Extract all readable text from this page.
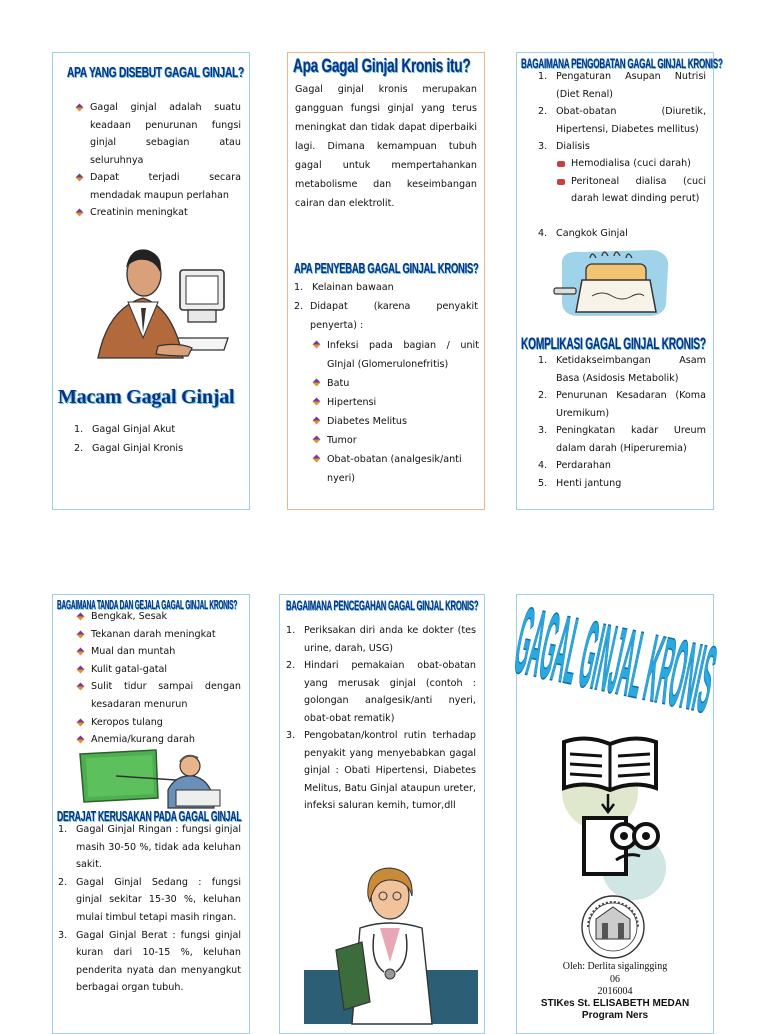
APA YANG DISEBUT GAGAL GINJAL?
Gagal ginjal adalah suatu keadaan penurunan fungsi ginjal sebagian atau seluruhnya
Dapat terjadi secara mendadak maupun perlahan
Creatinin meningkat
Macam Gagal Ginjal
1. Gagal Ginjal Akut
2. Gagal Ginjal Kronis
Apa Gagal Ginjal Kronis itu?

Gagal ginjal kronis merupakan gangguan fungsi ginjal yang terus meningkat dan tidak dapat diperbaiki lagi. Dimana kemampuan tubuh gagal untuk mempertahankan metabolisme dan keseimbangan cairan dan elektrolit.

APA PENYEBAB GAGAL GINJAL KRONIS?
1. Kelainan bawaan
2. Didapat (karena penyakit penyerta) :
Infeksi pada bagian / unit GInjal (Glomerulonefritis)
Batu
Hipertensi
Diabetes Melitus
Tumor
Obat-obatan (analgesik/anti nyeri)
BAGAIMANA PENGOBATAN GAGAL GINJAL KRONIS?
1. Pengaturan Asupan Nutrisi (Diet Renal)
2. Obat-obatan (Diuretik, Hipertensi, Diabetes mellitus)
3. Dialisis
Hemodialisa (cuci darah)
Peritoneal dialisa (cuci darah lewat dinding perut)
4. Cangkok Ginjal
KOMPLIKASI GAGAL GINJAL KRONIS?
1. Ketidakseimbangan Asam Basa (Asidosis Metabolik)
2. Penurunan Kesadaran (Koma Uremikum)
3. Peningkatan kadar Ureum dalam darah (Hiperuremia)
4. Perdarahan
5. Henti jantung
BAGAIMANA TANDA DAN GEJALA GAGAL GINJAL KRONIS?
Bengkak, Sesak
Tekanan darah meningkat
Mual dan muntah
Kulit gatal-gatal
Sulit tidur sampai dengan kesadaran menurun
Keropos tulang
Anemia/kurang darah
DERAJAT KERUSAKAN PADA GAGAL GINJAL
1. Gagal Ginjal Ringan : fungsi ginjal masih 30-50 %, tidak ada keluhan sakit.
2. Gagal Ginjal Sedang : fungsi ginjal sekitar 15-30 %, keluhan mulai timbul tetapi masih ringan.
3. Gagal Ginjal Berat : fungsi ginjal kuran dari 10-15 %, keluhan penderita nyata dan menyangkut berbagai organ tubuh.
BAGAIMANA PENCEGAHAN GAGAL GINJAL KRONIS?
1. Periksakan diri anda ke dokter (tes urine, darah, USG)
2. Hindari pemakaian obat-obatan yang merusak ginjal (contoh : golongan analgesik/anti nyeri, obat-obat rematik)
3. Pengobatan/kontrol rutin terhadap penyakit yang menyebabkan gagal ginjal : Obati Hipertensi, Diabetes Melitus, Batu Ginjal ataupun ureter, infeksi saluran kemih, tumor,dll
GAGAL GINJAL KRONIS
Oleh: Derlita sigalingging
06
2016004
STIKes St. ELISABETH MEDAN
Program Ners
